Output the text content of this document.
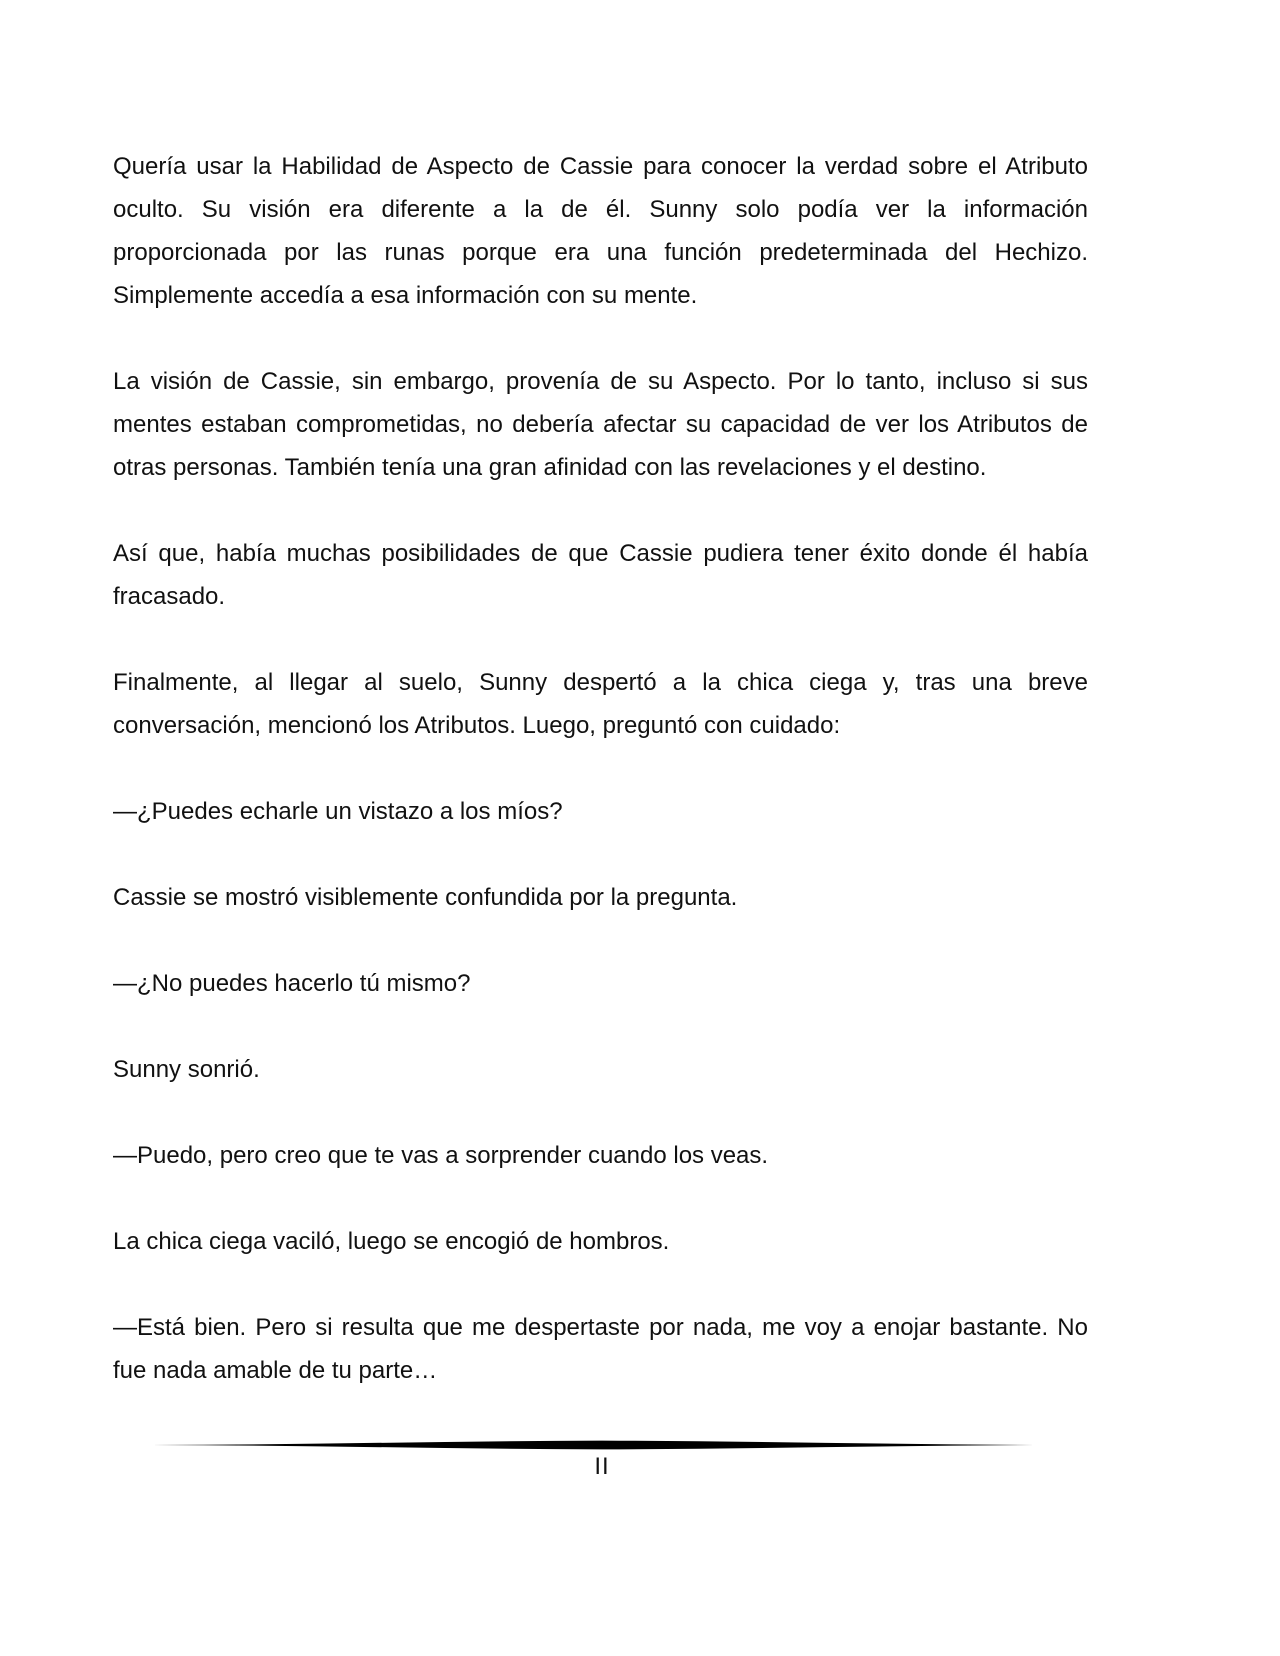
Quería usar la Habilidad de Aspecto de Cassie para conocer la verdad sobre el Atributo oculto. Su visión era diferente a la de él. Sunny solo podía ver la información proporcionada por las runas porque era una función predeterminada del Hechizo. Simplemente accedía a esa información con su mente.

La visión de Cassie, sin embargo, provenía de su Aspecto. Por lo tanto, incluso si sus mentes estaban comprometidas, no debería afectar su capacidad de ver los Atributos de otras personas. También tenía una gran afinidad con las revelaciones y el destino.

Así que, había muchas posibilidades de que Cassie pudiera tener éxito donde él había fracasado.

Finalmente, al llegar al suelo, Sunny despertó a la chica ciega y, tras una breve conversación, mencionó los Atributos. Luego, preguntó con cuidado:

—¿Puedes echarle un vistazo a los míos?

Cassie se mostró visiblemente confundida por la pregunta.

—¿No puedes hacerlo tú mismo?

Sunny sonrió.

—Puedo, pero creo que te vas a sorprender cuando los veas.

La chica ciega vaciló, luego se encogió de hombros.

—Está bien. Pero si resulta que me despertaste por nada, me voy a enojar bastante. No fue nada amable de tu parte…

II
